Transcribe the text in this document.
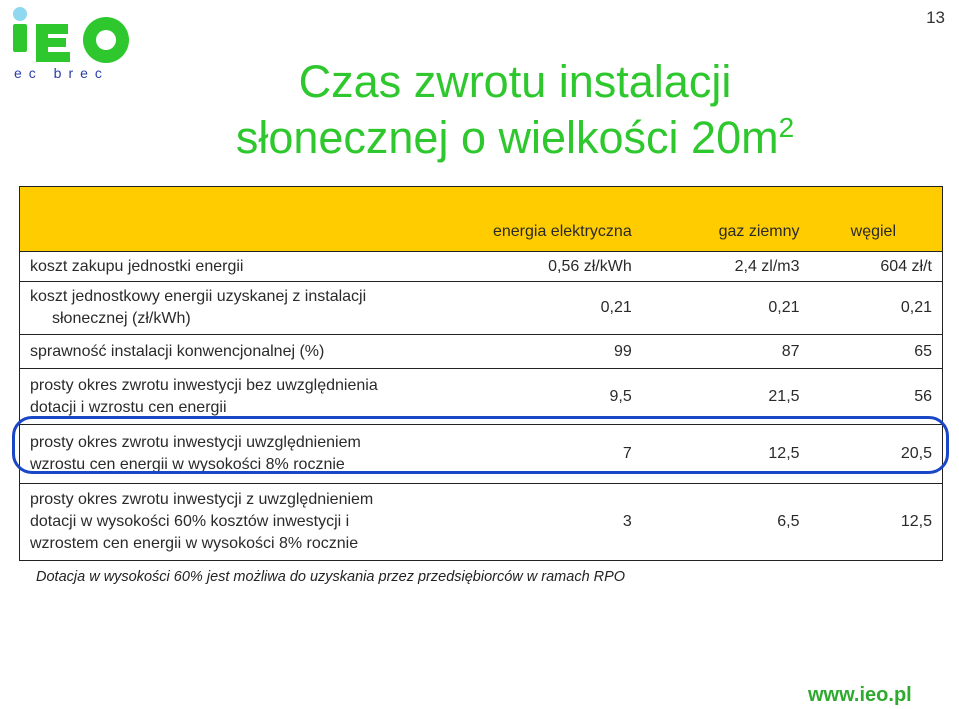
ec brec
13
Czas zwrotu instalacji
słonecznej o wielkości $20m^2$
	energia elektryczna	gaz ziemny	węgiel
koszt zakupu jednostki energii	0,56 zł/kWh	2,4 zl/m3	604 zł/t
koszt jednostkowy energii uzyskanej z instalacji
słonecznej (zł/kWh)	0,21	0,21	0,21
sprawność instalacji konwencjonalnej (%)	99	87	65
prosty okres zwrotu inwestycji bez uwzględnienia
dotacji i wzrostu cen energii	9,5	21,5	56
prosty okres zwrotu inwestycji uwzględnieniem
wzrostu cen energii w wysokości 8% rocznie	7	12,5	20,5
prosty okres zwrotu inwestycji z uwzględnieniem
dotacji w wysokości 60% kosztów inwestycji i
wzrostem cen energii w wysokości 8% rocznie	3	6,5	12,5
Dotacja w wysokości 60% jest możliwa do uzyskania przez przedsiębiorców w ramach RPO
www.ieo.pl
